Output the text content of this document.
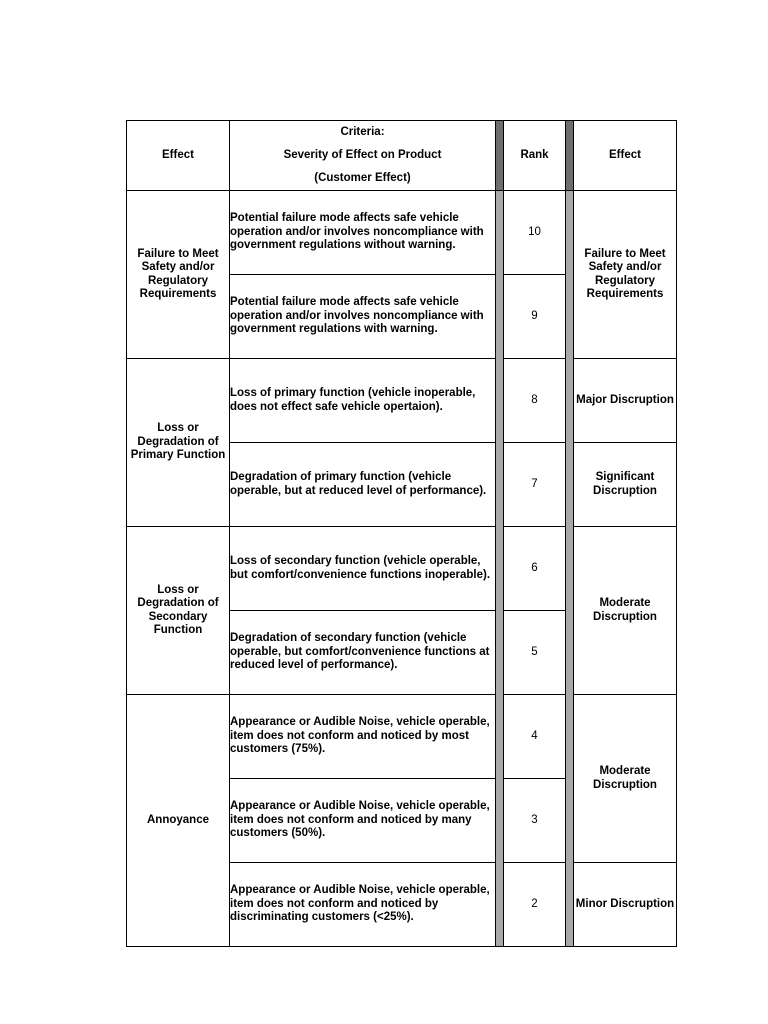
Effect	Criteria:
Severity of Effect on Product
(Customer Effect)		Rank		Effect
Failure to Meet Safety and/or Regulatory Requirements	Potential failure mode affects safe vehicle operation and/or involves noncompliance with government regulations without warning.		10		Failure to Meet Safety and/or Regulatory Requirements
	Potential failure mode affects safe vehicle operation and/or involves noncompliance with government regulations with warning.		9		
Loss or Degradation of Primary Function	Loss of primary function (vehicle inoperable, does not effect safe vehicle opertaion).		8		Major Discruption
	Degradation of primary function (vehicle operable, but at reduced level of performance).		7		Significant Discruption
Loss or Degradation of Secondary Function	Loss of secondary function (vehicle operable, but comfort/convenience functions inoperable).		6		Moderate Discruption
	Degradation of secondary function (vehicle operable, but comfort/convenience functions at reduced level of performance).		5		
Annoyance	Appearance or Audible Noise, vehicle operable, item does not conform and noticed by most customers (75%).		4		Moderate Discruption
	Appearance or Audible Noise, vehicle operable, item does not conform and noticed by many customers (50%).		3		
	Appearance or Audible Noise, vehicle operable, item does not conform and noticed by discriminating customers (<25%).		2		Minor Discruption
